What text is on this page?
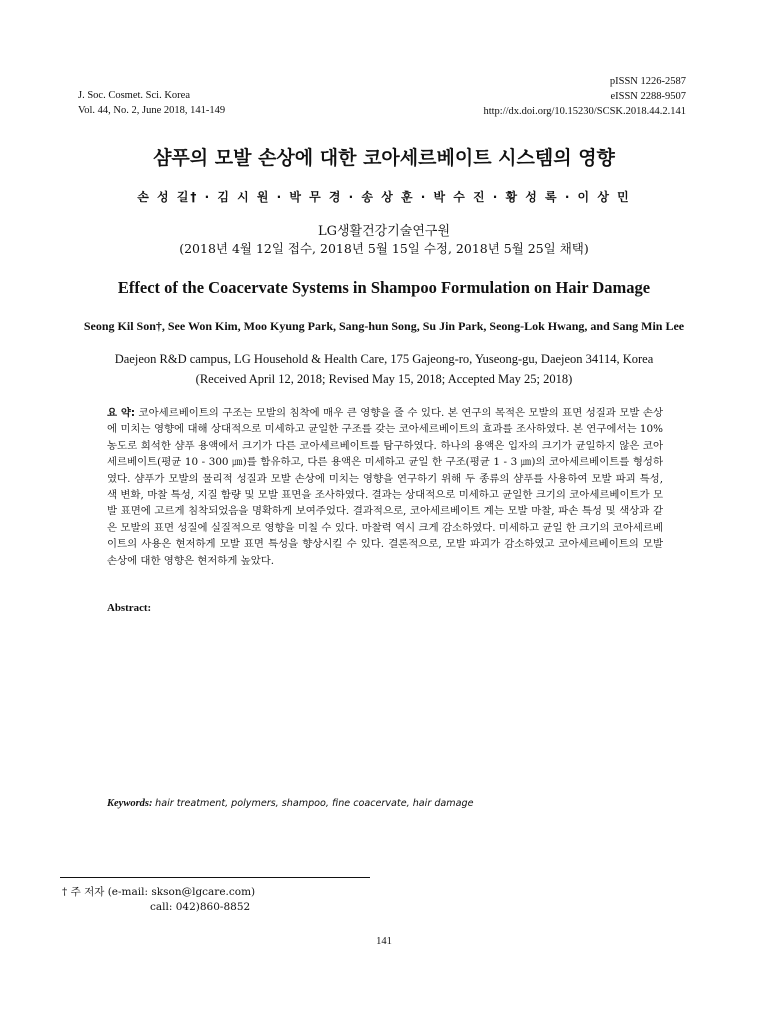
J. Soc. Cosmet. Sci. Korea
Vol. 44, No. 2, June 2018, 141-149
pISSN 1226-2587
eISSN 2288-9507
http://dx.doi.org/10.15230/SCSK.2018.44.2.141
샴푸의 모발 손상에 대한 코아세르베이트 시스템의 영향
손 성 길† · 김 시 원 · 박 무 경 · 송 상 훈 · 박 수 진 · 황 성 록 · 이 상 민
LG생활건강기술연구원
(2018년 4월 12일 접수, 2018년 5월 15일 수정, 2018년 5월 25일 채택)
Effect of the Coacervate Systems in Shampoo Formulation on Hair Damage
Seong Kil Son†, See Won Kim, Moo Kyung Park, Sang-hun Song, Su Jin Park, Seong-Lok Hwang, and Sang Min Lee
Daejeon R&D campus, LG Household & Health Care, 175 Gajeong-ro, Yuseong-gu, Daejeon 34114, Korea
(Received April 12, 2018; Revised May 15, 2018; Accepted May 25; 2018)
요 약: 코아세르베이트의 구조는 모발의 침착에 매우 큰 영향을 줄 수 있다. 본 연구의 목적은 모발의 표면 성질과 모발 손상에 미치는 영향에 대해 상대적으로 미세하고 균일한 구조를 갖는 코아세르베이트의 효과를 조사하였다. 본 연구에서는 10% 농도로 희석한 샴푸 용액에서 크기가 다른 코아세르베이트를 탐구하였다. 하나의 용액은 입자의 크기가 균일하지 않은 코아세르베이트(평균 10 - 300 ㎛)를 함유하고, 다른 용액은 미세하고 균일 한 구조(평균 1 - 3 ㎛)의 코아세르베이트를 형성하였다. 샴푸가 모발의 물리적 성질과 모발 손상에 미치는 영향을 연구하기 위해 두 종류의 샴푸를 사용하여 모발 파괴 특성, 색 변화, 마찰 특성, 지질 함량 및 모발 표면을 조사하였다. 결과는 상대적으로 미세하고 균일한 크기의 코아세르베이트가 모발 표면에 고르게 침착되었음을 명확하게 보여주었다. 결과적으로, 코아세르베이트 계는 모발 마찰, 파손 특성 및 색상과 같은 모발의 표면 성질에 실질적으로 영향을 미칠 수 있다. 마찰력 역시 크게 감소하였다. 미세하고 균일 한 크기의 코아세르베이트의 사용은 현저하게 모발 표면 특성을 향상시킬 수 있다. 결론적으로, 모발 파괴가 감소하였고 코아세르베이트의 모발 손상에 대한 영향은 현저하게 높았다.
Abstract:
Keywords: hair treatment, polymers, shampoo, fine coacervate, hair damage
† 주 저자 (e-mail: skson@lgcare.com)
call: 042)860-8852
141
